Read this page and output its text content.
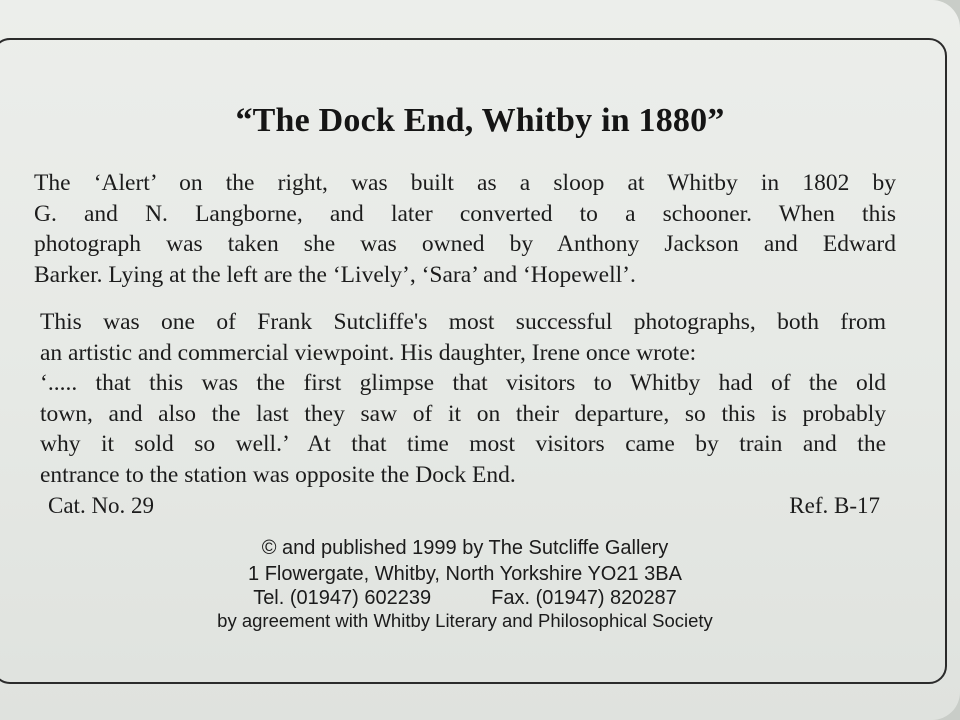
“The Dock End, Whitby in 1880”
The ‘Alert’ on the right, was built as a sloop at Whitby in 1802 by
G. and N. Langborne, and later converted to a schooner. When this
photograph was taken she was owned by Anthony Jackson and Edward
Barker. Lying at the left are the ‘Lively’, ‘Sara’ and ‘Hopewell’.
This was one of Frank Sutcliffe's most successful photographs, both from
an artistic and commercial viewpoint. His daughter, Irene once wrote:
‘..... that this was the first glimpse that visitors to Whitby had of the old
town, and also the last they saw of it on their departure, so this is probably
why it sold so well.’ At that time most visitors came by train and the
entrance to the station was opposite the Dock End.
Cat. No. 29	Ref. B-17
© and published 1999 by The Sutcliffe Gallery
1 Flowergate, Whitby, North Yorkshire YO21 3BA
Tel. (01947) 602239	Fax. (01947) 820287
by agreement with Whitby Literary and Philosophical Society
